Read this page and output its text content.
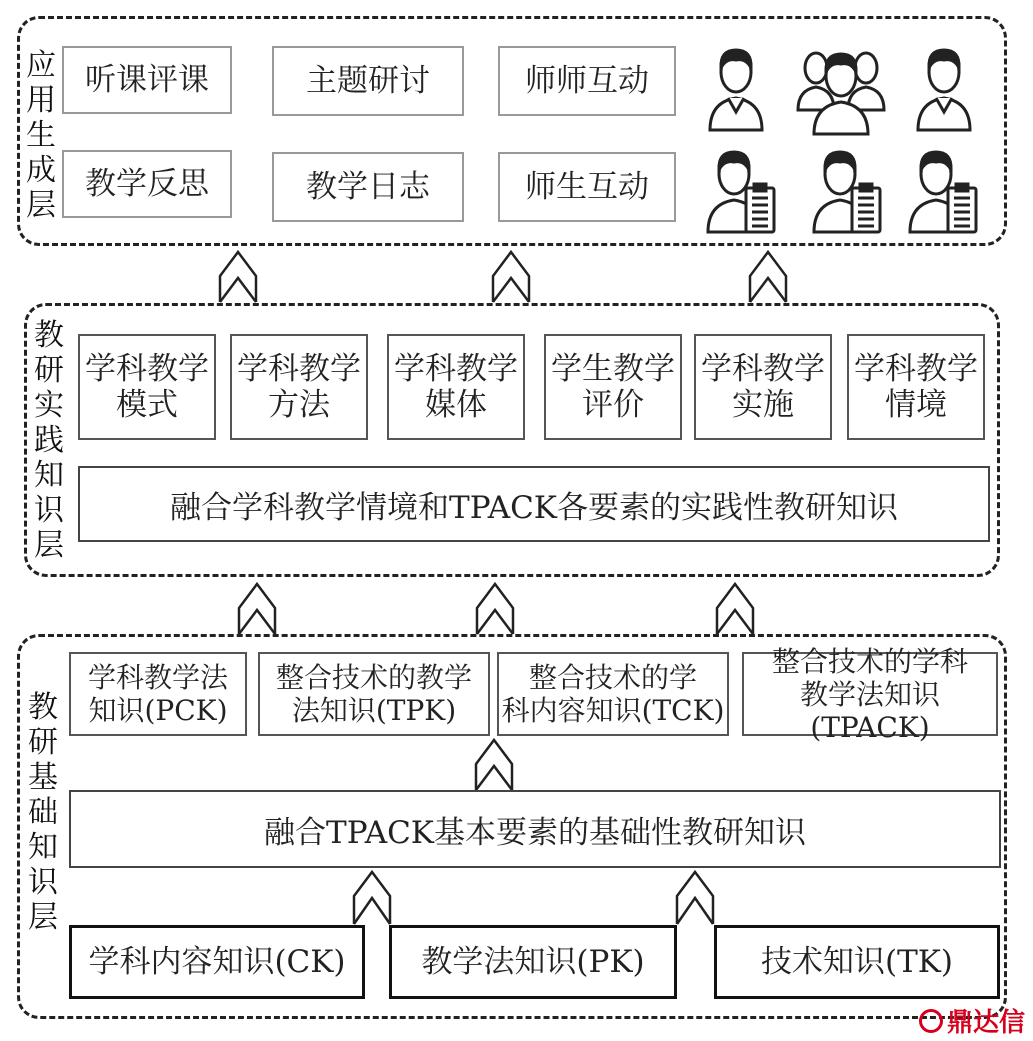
应
用
生
成
层
听课评课	主题研讨	师师互动
教学反思	教学日志	师生互动
教
研
实
践
知
识
层
学科教学
模式
学科教学
方法
学科教学
媒体
学生教学
评价
学科教学
实施
学科教学
情境
融合学科教学情境和TPACK各要素的实践性教研知识
教
研
基
础
知
识
层
学科教学法
知识(PCK)
整合技术的教学
法知识(TPK)
整合技术的学
科内容知识(TCK)
整合技术的学科
教学法知识(TPACK)
融合TPACK基本要素的基础性教研知识
学科内容知识(CK) 教学法知识(PK)	技术知识(TK)
鼎达信
